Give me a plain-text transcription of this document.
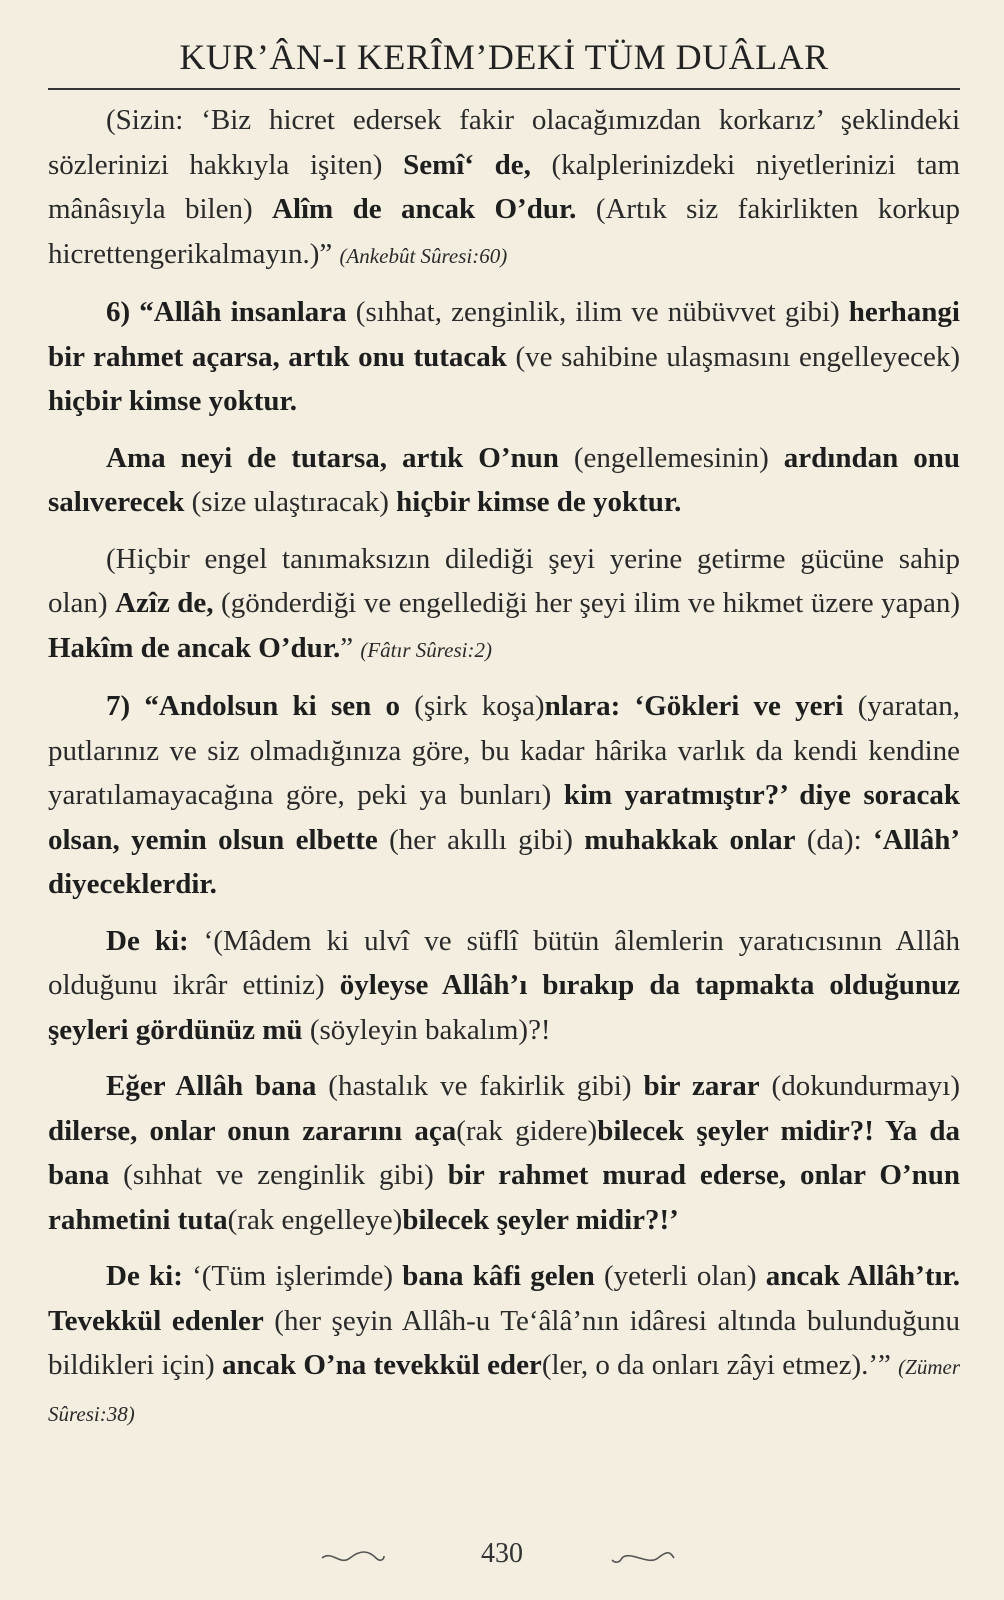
KUR’ÂN-I KERÎM’DEKİ TÜM DUÂLAR

(Sizin: ‘Biz hicret edersek fakir olacağımızdan korkarız’ şeklindeki sözlerinizi hakkıyla işiten) Semî‘ de, (kalplerinizdeki niyetlerinizi tam mânâsıyla bilen) Alîm de ancak O’dur. (Artık siz fakirlikten korkup hicrettengerikalmayın.)” (Ankebût Sûresi:60)

6) “Allâh insanlara (sıhhat, zenginlik, ilim ve nübüvvet gibi) herhangi bir rahmet açarsa, artık onu tutacak (ve sahibine ulaşmasını engelleyecek) hiçbir kimse yoktur.

Ama neyi de tutarsa, artık O’nun (engellemesinin) ardından onu salıverecek (size ulaştıracak) hiçbir kimse de yoktur.

(Hiçbir engel tanımaksızın dilediği şeyi yerine getirme gücüne sahip olan) Azîz de, (gönderdiği ve engellediği her şeyi ilim ve hikmet üzere yapan) Hakîm de ancak O’dur.” (Fâtır Sûresi:2)

7) “Andolsun ki sen o (şirk koşa)nlara: ‘Gökleri ve yeri (yaratan, putlarınız ve siz olmadığınıza göre, bu kadar hârika varlık da kendi kendine yaratılamayacağına göre, peki ya bunları) kim yaratmıştır?’ diye soracak olsan, yemin olsun elbette (her akıllı gibi) muhakkak onlar (da): ‘Allâh’ diyeceklerdir.

De ki: ‘(Mâdem ki ulvî ve süflî bütün âlemlerin yaratıcısının Allâh olduğunu ikrâr ettiniz) öyleyse Allâh’ı bırakıp da tapmakta olduğunuz şeyleri gördünüz mü (söyleyin bakalım)?!

Eğer Allâh bana (hastalık ve fakirlik gibi) bir zarar (dokundurmayı) dilerse, onlar onun zararını açа(rak gidere)bilecek şeyler midir?! Ya da bana (sıhhat ve zenginlik gibi) bir rahmet murad ederse, onlar O’nun rahmetini tuta(rak engelleye)bilecek şeyler midir?!’

De ki: ‘(Tüm işlerimde) bana kâfi gelen (yeterli olan) ancak Allâh’tır. Tevekkül edenler (her şeyin Allâh-u Te‘âlâ’nın idâresi altında bulunduğunu bildikleri için) ancak O’na tevekkül eder(ler, o da onları zâyi etmez).’” (Zümer Sûresi:38)

430
